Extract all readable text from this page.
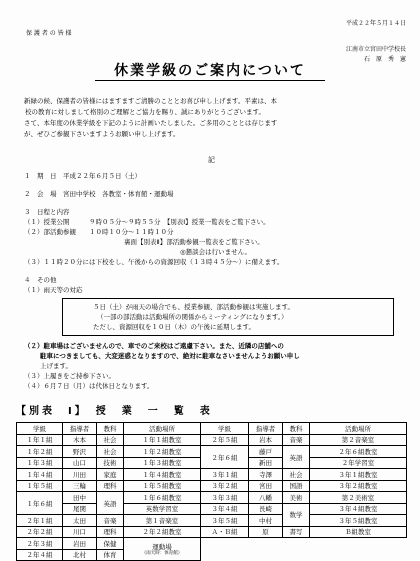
平成２２年５月１４日
保 護 者 の 皆 様
江南市立宮田中学校長
石　原　秀　憲
休業学級のご案内について
新緑の候、保護者の皆様にはますますご清勝のこととお喜び申し上げます。平素は、本
校の教育に対しまして格別のご理解とご協力を賜り、誠にありがとうございます。
さて、本年度の休業学級を下記のように計画いたしました。ご多用のこととは存じます
が、ぜひご参観下さいますようお願い申し上げます。
記
１　期　日　平成２２年６月５日（土）
２　会　場　宮田中学校　各教室・体育館・運動場
３　日程と内容
（１）授業公開　　　９時０５分～９時５５分　【別表Ⅰ】授業一覧表をご覧下さい。
（２）部活動参観　　１０時１０分～１１時１０分
裏面【別表Ⅱ】部活動参観一覧表をご覧下さい。
◎懇談会は行いません。
（３）１１時２０分には下校をし、午後からの資源回収（１３時４５分～）に備えます。
４　その他
（１）雨天等の対応
５日（土）が雨天の場合でも、授業参観、部活動参観は実施します。
（一部の部活動は活動場所の関係からミーティングになります。）
ただし、資源回収を１０日（木）の午後に延期します。
（２）駐車場はございませんので、車でのご来校はご遠慮下さい。また、近隣の店舗への
駐車につきましても、大変迷惑となりますので、絶対に駐車なさいませんようお願い申し
上げます。
（３）上履きをご持参下さい。
（４）６月７日（月）は代休日となります。
【別表　Ⅰ】　授　業　一　覧　表
学級	指導者	教科	活動場所	学級	指導者	教科	活動場所
１年１組	木本	社会	１年１組教室	２年５組	岩本	音楽	第２音楽室
１年２組	野沢	社会	１年２組教室	２年６組	藤戸	英語	２年６組教室
１年３組	山口	技術	１年３組教室		新田		２年学習室
１年４組	川田	家庭	１年４組教室	３年１組	寺澤	社会	３年１組教室
１年５組	三輪	理科	１年５組教室	３年２組	宮田	国語	３年２組教室
１年６組	田中	英語	１年６組教室	３年３組	八幡	美術	第２美術室
	尾関		英数学習室	３年４組	長崎	数学	３年４組教室
２年１組	太田	音楽	第１音楽室	３年５組	中村		３年５組教室
２年２組	川口	理科	２年２組教室	Ａ・Ｂ組	原	書写	Ｂ組教室
２年３組	岩田	保健	運動場
（雨天時：体育館）				

２年４組	北村	体育					
